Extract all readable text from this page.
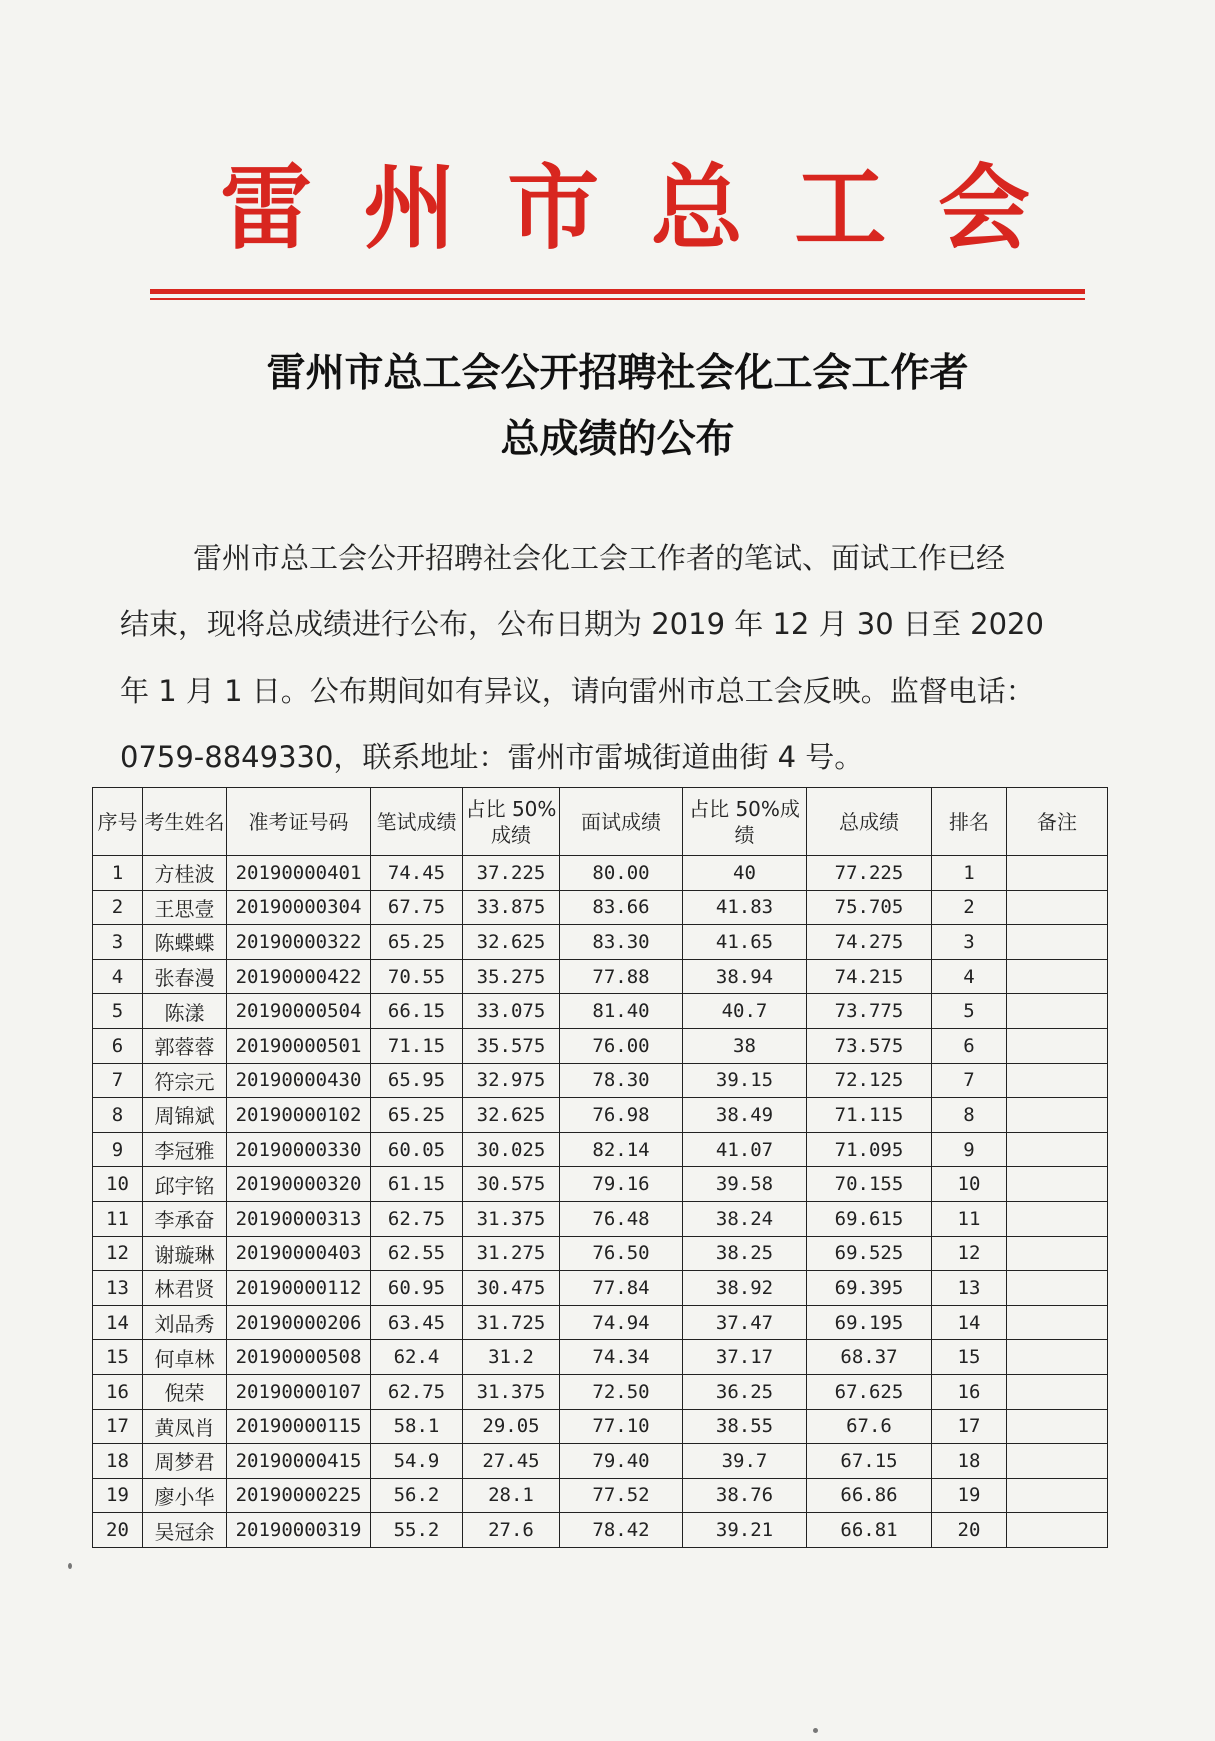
雷 州 市 总 工 会
雷州市总工会公开招聘社会化工会工作者
总成绩的公布
雷州市总工会公开招聘社会化工会工作者的笔试、面试工作已经
结束，现将总成绩进行公布，公布日期为 2019 年 12 月 30 日至 2020
年 1 月 1 日。公布期间如有异议，请向雷州市总工会反映。监督电话：
0759-8849330，联系地址：雷州市雷城街道曲街 4 号。
序号	考生姓名	准考证号码	笔试成绩	占比 50%成绩	面试成绩	占比 50%成绩	总成绩	排名	备注
1	方桂波	20190000401	74.45	37.225	80.00	40	77.225	1	
2	王思壹	20190000304	67.75	33.875	83.66	41.83	75.705	2	
3	陈蝶蝶	20190000322	65.25	32.625	83.30	41.65	74.275	3	
4	张春漫	20190000422	70.55	35.275	77.88	38.94	74.215	4	
5	陈漾	20190000504	66.15	33.075	81.40	40.7	73.775	5	
6	郭蓉蓉	20190000501	71.15	35.575	76.00	38	73.575	6	
7	符宗元	20190000430	65.95	32.975	78.30	39.15	72.125	7	
8	周锦斌	20190000102	65.25	32.625	76.98	38.49	71.115	8	
9	李冠雅	20190000330	60.05	30.025	82.14	41.07	71.095	9	
10	邱宇铭	20190000320	61.15	30.575	79.16	39.58	70.155	10	
11	李承奋	20190000313	62.75	31.375	76.48	38.24	69.615	11	
12	谢璇琳	20190000403	62.55	31.275	76.50	38.25	69.525	12	
13	林君贤	20190000112	60.95	30.475	77.84	38.92	69.395	13	
14	刘品秀	20190000206	63.45	31.725	74.94	37.47	69.195	14	
15	何卓林	20190000508	62.4	31.2	74.34	37.17	68.37	15	
16	倪荣	20190000107	62.75	31.375	72.50	36.25	67.625	16	
17	黄凤肖	20190000115	58.1	29.05	77.10	38.55	67.6	17	
18	周梦君	20190000415	54.9	27.45	79.40	39.7	67.15	18	
19	廖小华	20190000225	56.2	28.1	77.52	38.76	66.86	19	
20	吴冠余	20190000319	55.2	27.6	78.42	39.21	66.81	20	
